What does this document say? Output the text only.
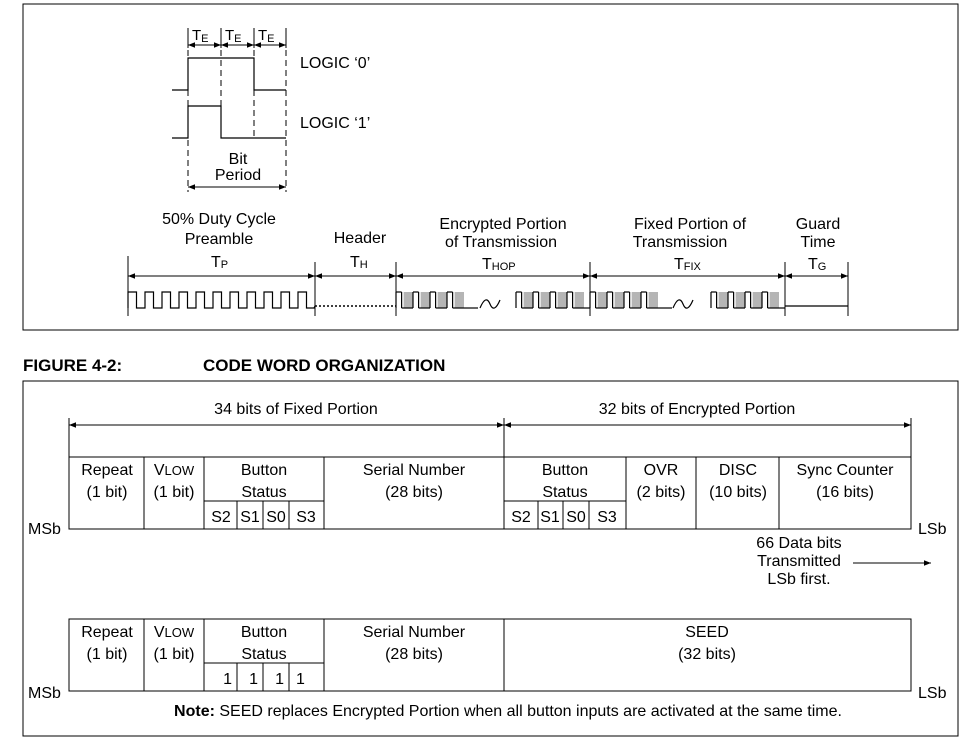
TE TE TE
LOGIC ‘0’
LOGIC ‘1’
Bit
Period
50% Duty Cycle
Preamble
TP
Header
TH
Encrypted Portion
of Transmission
THOP
Fixed Portion of
Transmission
TFIX
Guard
Time
TG
FIGURE 4-2:	CODE WORD ORGANIZATION
34 bits of Fixed Portion	32 bits of Encrypted Portion
Repeat
(1 bit)
VLOW
(1 bit)
Button
Status
S2 S1 S0 S3
Serial Number
(28 bits)
Button
Status
S2 S1 S0 S3
OVR
(2 bits)
DISC
(10 bits)
Sync Counter
(16 bits)
MSb	LSb
66 Data bits
Transmitted
LSb first.
Repeat
(1 bit)
VLOW
(1 bit)
Button
Status
1 1 1 1
Serial Number
(28 bits)
SEED
(32 bits)
MSb	LSb
Note: SEED replaces Encrypted Portion when all button inputs are activated at the same time.
